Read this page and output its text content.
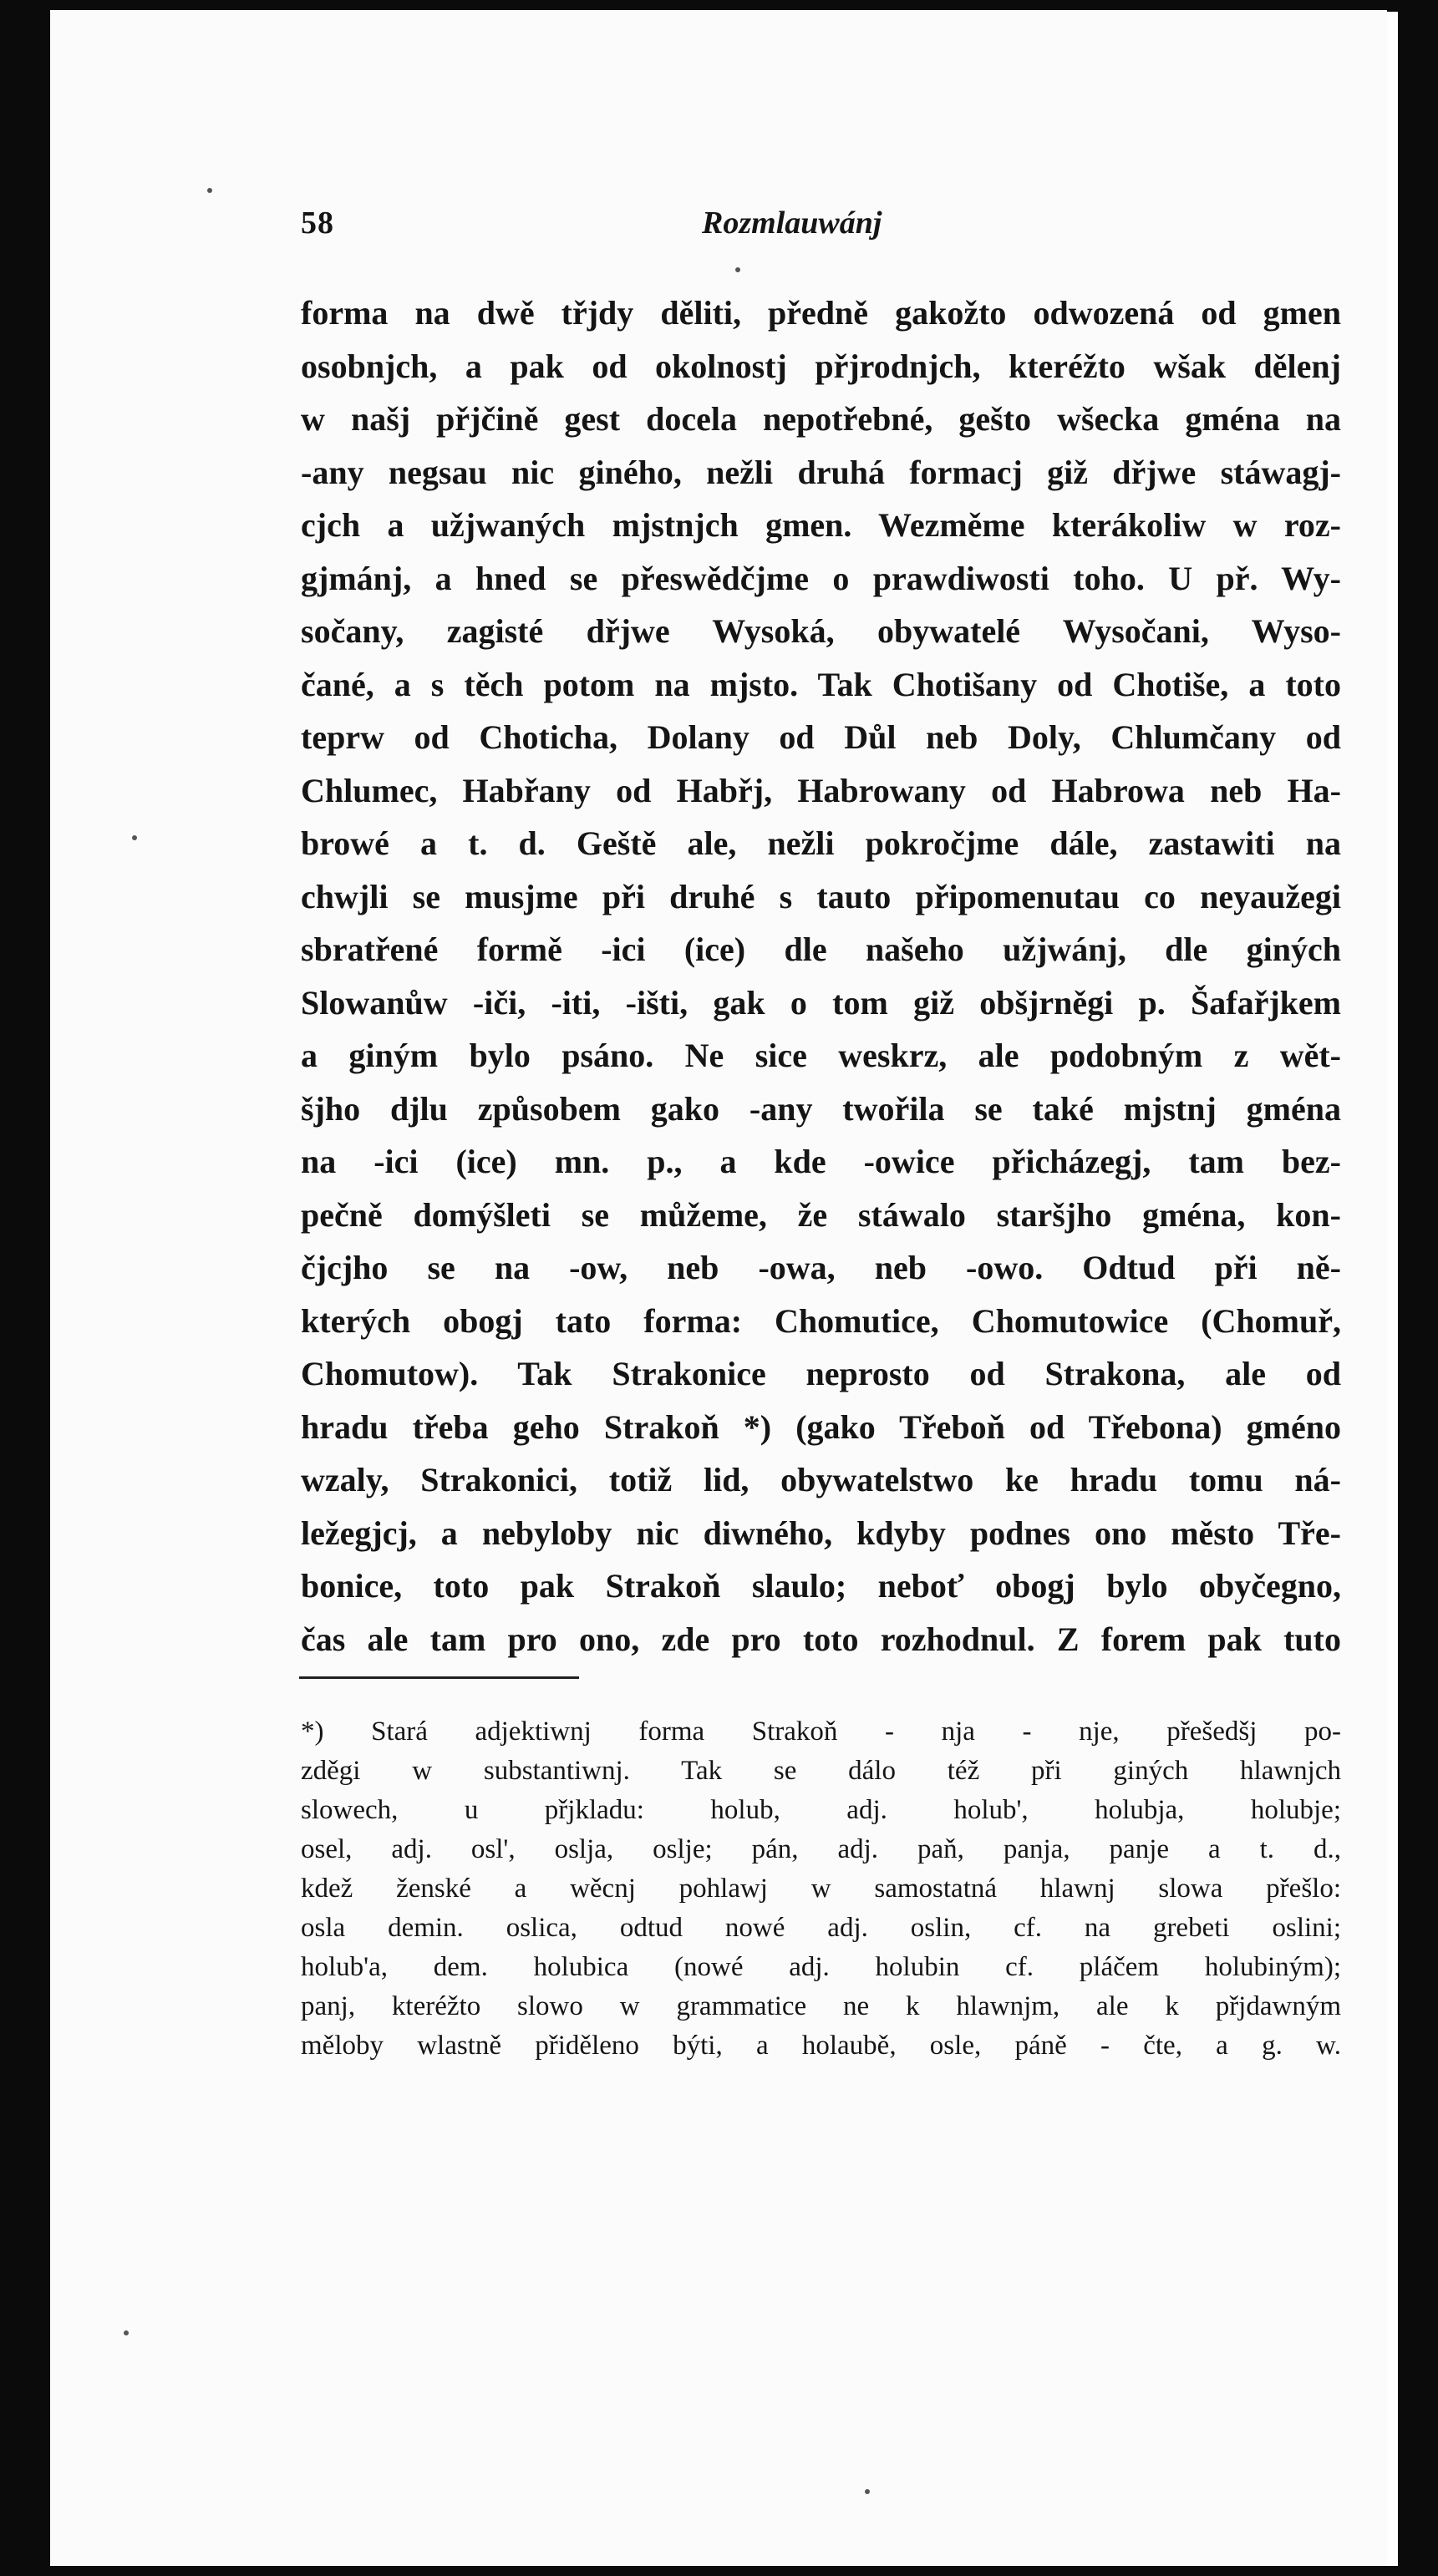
58	Rozmlauwánj
forma na dwě třjdy děliti, předně gakožto odwozená od gmen
osobnjch, a pak od okolnostj přjrodnjch, kteréžto wšak dělenj
w našj přjčině gest docela nepotřebné, gešto wšecka gména na
-any negsau nic giného, nežli druhá formacj giž dřjwe stáwagj-
cjch a užjwaných mjstnjch gmen. Wezměme kterákoliw w roz-
gjmánj, a hned se přeswědčjme o prawdiwosti toho. U př. Wy-
sočany, zagisté dřjwe Wysoká, obywatelé Wysočani, Wyso-
čané, a s těch potom na mjsto. Tak Chotišany od Chotiše, a toto
teprw od Choticha, Dolany od Důl neb Doly, Chlumčany od
Chlumec, Habřany od Habřj, Habrowany od Habrowa neb Ha-
browé a t. d. Geště ale, nežli pokročjme dále, zastawiti na
chwjli se musjme při druhé s tauto připomenutau co neyaužegi
sbratřené formě -ici (ice) dle našeho užjwánj, dle giných
Slowanůw -iči, -iti, -išti, gak o tom giž obšjrněgi p. Šafařjkem
a giným bylo psáno. Ne sice weskrz, ale podobným z wět-
šjho djlu způsobem gako -any twořila se také mjstnj gména
na -ici (ice) mn. p., a kde -owice přicházegj, tam bez-
pečně domýšleti se můžeme, že stáwalo staršjho gména, kon-
čjcjho se na -ow, neb -owa, neb -owo. Odtud při ně-
kterých obogj tato forma: Chomutice, Chomutowice (Chomuř,
Chomutow). Tak Strakonice neprosto od Strakona, ale od
hradu třeba geho Strakoň *) (gako Třeboň od Třebona) gméno
wzaly, Strakonici, totiž lid, obywatelstwo ke hradu tomu ná-
ležegjcj, a nebyloby nic diwného, kdyby podnes ono město Tře-
bonice, toto pak Strakoň slaulo; neboť obogj bylo obyčegno,
čas ale tam pro ono, zde pro toto rozhodnul. Z forem pak tuto
*) Stará adjektiwnj forma Strakoň - nja - nje, přešedšj po-
zděgi w substantiwnj. Tak se dálo též při giných hlawnjch
slowech, u přjkladu: holub, adj. holub', holubja, holubje;
osel, adj. osl', oslja, oslje; pán, adj. paň, panja, panje a t. d.,
kdež ženské a wěcnj pohlawj w samostatná hlawnj slowa přešlo:
osla demin. oslica, odtud nowé adj. oslin, cf. na grebeti oslini;
holub'a, dem. holubica (nowé adj. holubin cf. pláčem holubiným);
panj, kteréžto slowo w grammatice ne k hlawnjm, ale k přjdawným
měloby wlastně přiděleno býti, a holaubě, osle, páně - čte, a g. w.
